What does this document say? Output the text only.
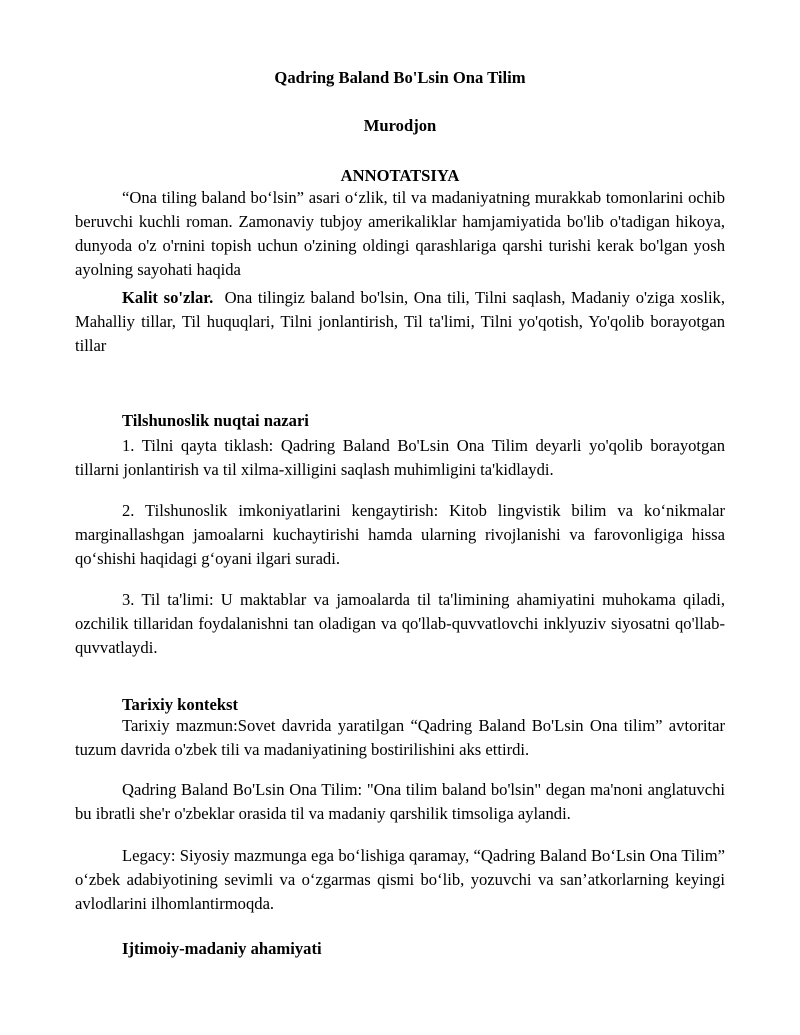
Qadring Baland Bo'Lsin Ona Tilim
Murodjon
ANNOTATSIYA

“Ona tiling baland bo‘lsin” asari o‘zlik, til va madaniyatning murakkab tomonlarini ochib beruvchi kuchli roman. Zamonaviy tubjoy amerikaliklar hamjamiyatida bo'lib o'tadigan hikoya, dunyoda o'z o'rnini topish uchun o'zining oldingi qarashlariga qarshi turishi kerak bo'lgan yosh ayolning sayohati haqida

Kalit so'zlar. Ona tilingiz baland bo'lsin, Ona tili, Tilni saqlash, Madaniy o'ziga xoslik, Mahalliy tillar, Til huquqlari, Tilni jonlantirish, Til ta'limi, Tilni yo'qotish, Yo'qolib borayotgan tillar

Tilshunoslik nuqtai nazari

1. Tilni qayta tiklash: Qadring Baland Bo'Lsin Ona Tilim deyarli yo'qolib borayotgan tillarni jonlantirish va til xilma-xilligini saqlash muhimligini ta'kidlaydi.

2. Tilshunoslik imkoniyatlarini kengaytirish: Kitob lingvistik bilim va ko‘nikmalar marginallashgan jamoalarni kuchaytirishi hamda ularning rivojlanishi va farovonligiga hissa qo‘shishi haqidagi g‘oyani ilgari suradi.

3. Til ta'limi: U maktablar va jamoalarda til ta'limining ahamiyatini muhokama qiladi, ozchilik tillaridan foydalanishni tan oladigan va qo'llab-quvvatlovchi inklyuziv siyosatni qo'llab-quvvatlaydi.

Tarixiy kontekst

Tarixiy mazmun:Sovet davrida yaratilgan “Qadring Baland Bo'Lsin Ona tilim” avtoritar tuzum davrida o'zbek tili va madaniyatining bostirilishini aks ettirdi.

Qadring Baland Bo'Lsin Ona Tilim: "Ona tilim baland bo'lsin" degan ma'noni anglatuvchi bu ibratli she'r o'zbeklar orasida til va madaniy qarshilik timsoliga aylandi.

Legacy: Siyosiy mazmunga ega bo‘lishiga qaramay, “Qadring Baland Bo‘Lsin Ona Tilim” o‘zbek adabiyotining sevimli va o‘zgarmas qismi bo‘lib, yozuvchi va san’atkorlarning keyingi avlodlarini ilhomlantirmoqda.

Ijtimoiy-madaniy ahamiyati
